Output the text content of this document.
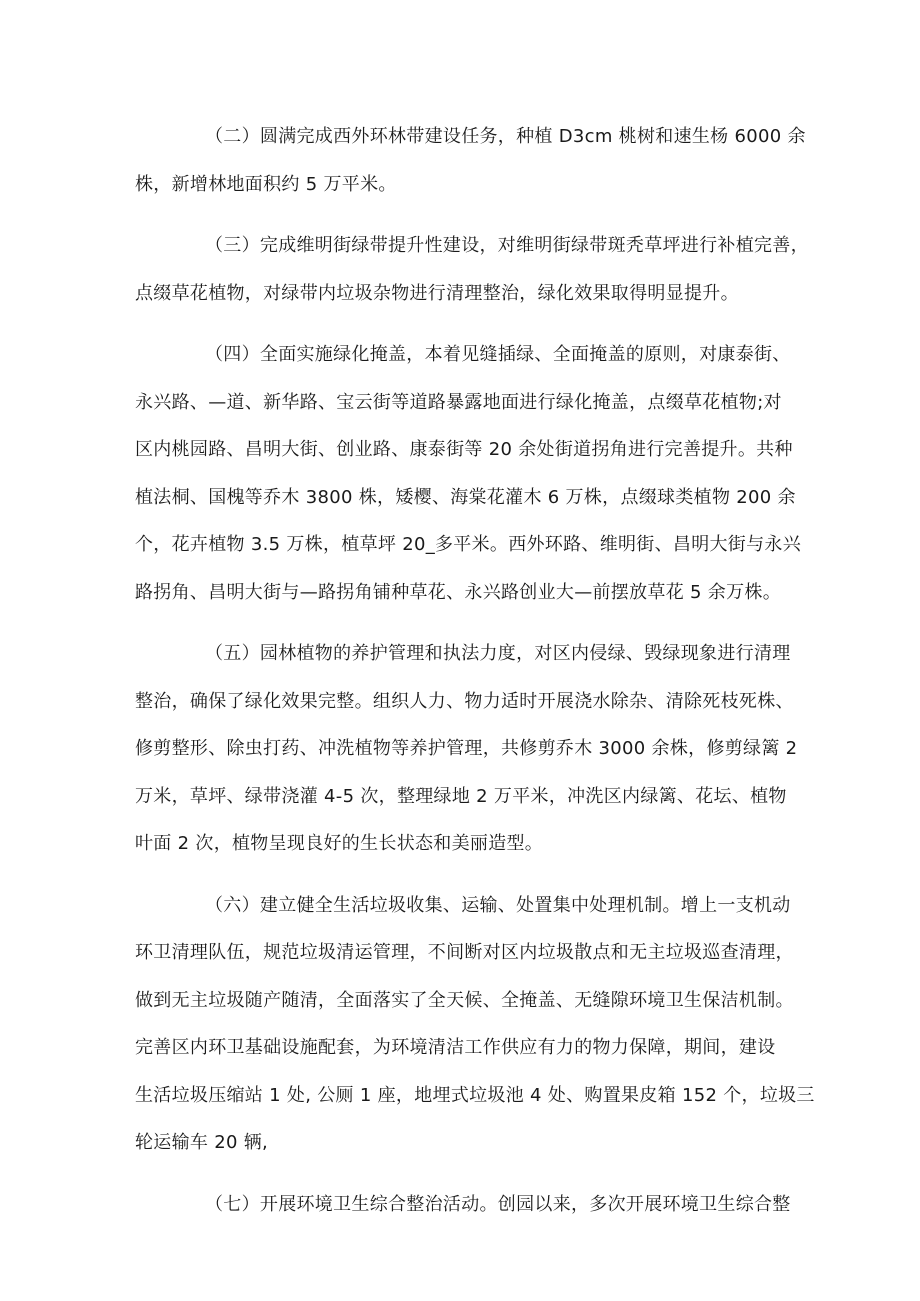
（二）圆满完成西外环林带建设任务，种植 D3cm 桃树和速生杨 6000 余
株，新增林地面积约 5 万平米。
（三）完成维明街绿带提升性建设，对维明街绿带斑秃草坪进行补植完善，
点缀草花植物，对绿带内垃圾杂物进行清理整治，绿化效果取得明显提升。
（四）全面实施绿化掩盖，本着见缝插绿、全面掩盖的原则，对康泰街、
永兴路、—道、新华路、宝云街等道路暴露地面进行绿化掩盖，点缀草花植物;对
区内桃园路、昌明大街、创业路、康泰街等 20 余处街道拐角进行完善提升。共种
植法桐、国槐等乔木 3800 株，矮樱、海棠花灌木 6 万株，点缀球类植物 200 余
个，花卉植物 3.5 万株，植草坪 20_多平米。西外环路、维明街、昌明大街与永兴
路拐角、昌明大街与—路拐角铺种草花、永兴路创业大—前摆放草花 5 余万株。
（五）园林植物的养护管理和执法力度，对区内侵绿、毁绿现象进行清理
整治，确保了绿化效果完整。组织人力、物力适时开展浇水除杂、清除死枝死株、
修剪整形、除虫打药、冲洗植物等养护管理，共修剪乔木 3000 余株，修剪绿篱 2
万米，草坪、绿带浇灌 4-5 次，整理绿地 2 万平米，冲洗区内绿篱、花坛、植物
叶面 2 次，植物呈现良好的生长状态和美丽造型。
（六）建立健全生活垃圾收集、运输、处置集中处理机制。增上一支机动
环卫清理队伍，规范垃圾清运管理，不间断对区内垃圾散点和无主垃圾巡查清理，
做到无主垃圾随产随清，全面落实了全天候、全掩盖、无缝隙环境卫生保洁机制。
完善区内环卫基础设施配套，为环境清洁工作供应有力的物力保障，期间，建设
生活垃圾压缩站 1 处, 公厕 1 座，地埋式垃圾池 4 处、购置果皮箱 152 个，垃圾三
轮运输车 20 辆,
（七）开展环境卫生综合整治活动。创园以来，多次开展环境卫生综合整
